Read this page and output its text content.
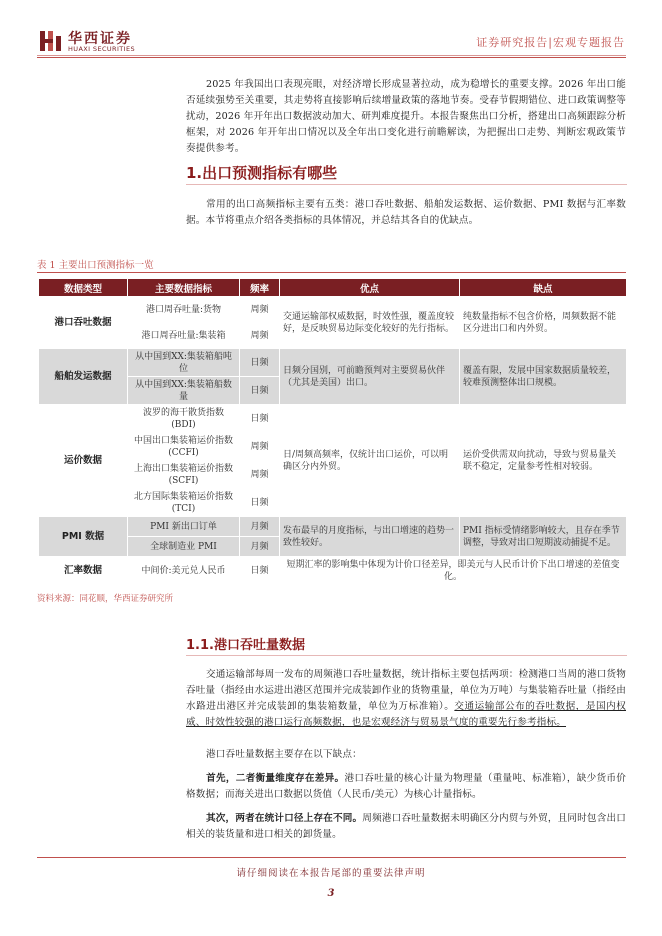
华西证券
HUAXI SECURITIES	证券研究报告|宏观专题报告
2025 年我国出口表现亮眼，对经济增长形成显著拉动，成为稳增长的重要支撑。2026 年出口能否延续强势至关重要，其走势将直接影响后续增量政策的落地节奏。受春节假期错位、进口政策调整等扰动，2026 年开年出口数据波动加大、研判难度提升。本报告聚焦出口分析，搭建出口高频跟踪分析框架，对 2026 年开年出口情况以及全年出口变化进行前瞻解读，为把握出口走势、判断宏观政策节奏提供参考。
1.出口预测指标有哪些
常用的出口高频指标主要有五类：港口吞吐数据、船舶发运数据、运价数据、PMI 数据与汇率数据。本节将重点介绍各类指标的具体情况，并总结其各自的优缺点。
表 1 主要出口预测指标一览
数据类型	主要数据指标	频率	优点	缺点
港口吞吐数据	港口周吞吐量:货物	周频	交通运输部权威数据，时效性强，覆盖度较好，是反映贸易边际变化较好的先行指标。	纯数量指标不包含价格，周频数据不能区分进出口和内外贸。
	港口周吞吐量:集装箱	周频		
船舶发运数据	从中国到XX:集装箱船吨位	日频	日频分国别，可前瞻预判对主要贸易伙伴（尤其是美国）出口。	覆盖有限，发展中国家数据质量较差，较难预测整体出口规模。
	从中国到XX:集装箱船数量	日频		
运价数据	波罗的海干散货指数(BDI)	日频	日/周频高频率，仅统计出口运价，可以明确区分内外贸。	运价受供需双向扰动，导致与贸易量关联不稳定，定量参考性相对较弱。
	中国出口集装箱运价指数(CCFI)	周频		
	上海出口集装箱运价指数(SCFI)	周频		
	北方国际集装箱运价指数(TCI)	日频		
PMI 数据	PMI 新出口订单	月频	发布最早的月度指标，与出口增速的趋势一致性较好。	PMI 指标受情绪影响较大，且存在季节调整，导致对出口短期波动捕捉不足。
	全球制造业 PMI	月频		
汇率数据	中间价:美元兑人民币	日频	短期汇率的影响集中体现为计价口径差异，即美元与人民币计价下出口增速的差值变化。	
资料来源：同花顺，华西证券研究所
1.1.港口吞吐量数据
交通运输部每周一发布的周频港口吞吐量数据，统计指标主要包括两项：检测港口当周的港口货物吞吐量（指经由水运进出港区范围并完成装卸作业的货物重量，单位为万吨）与集装箱吞吐量（指经由水路进出港区并完成装卸的集装箱数量，单位为万标准箱）。交通运输部公布的吞吐数据，是国内权威、时效性较强的港口运行高频数据，也是宏观经济与贸易景气度的重要先行参考指标。
港口吞吐量数据主要存在以下缺点：
首先，二者衡量维度存在差异。港口吞吐量的核心计量为物理量（重量吨、标准箱），缺少货币价格数据；而海关进出口数据以货值（人民币/美元）为核心计量指标。
其次，两者在统计口径上存在不同。周频港口吞吐量数据未明确区分内贸与外贸，且同时包含出口相关的装货量和进口相关的卸货量。
请仔细阅读在本报告尾部的重要法律声明
3
